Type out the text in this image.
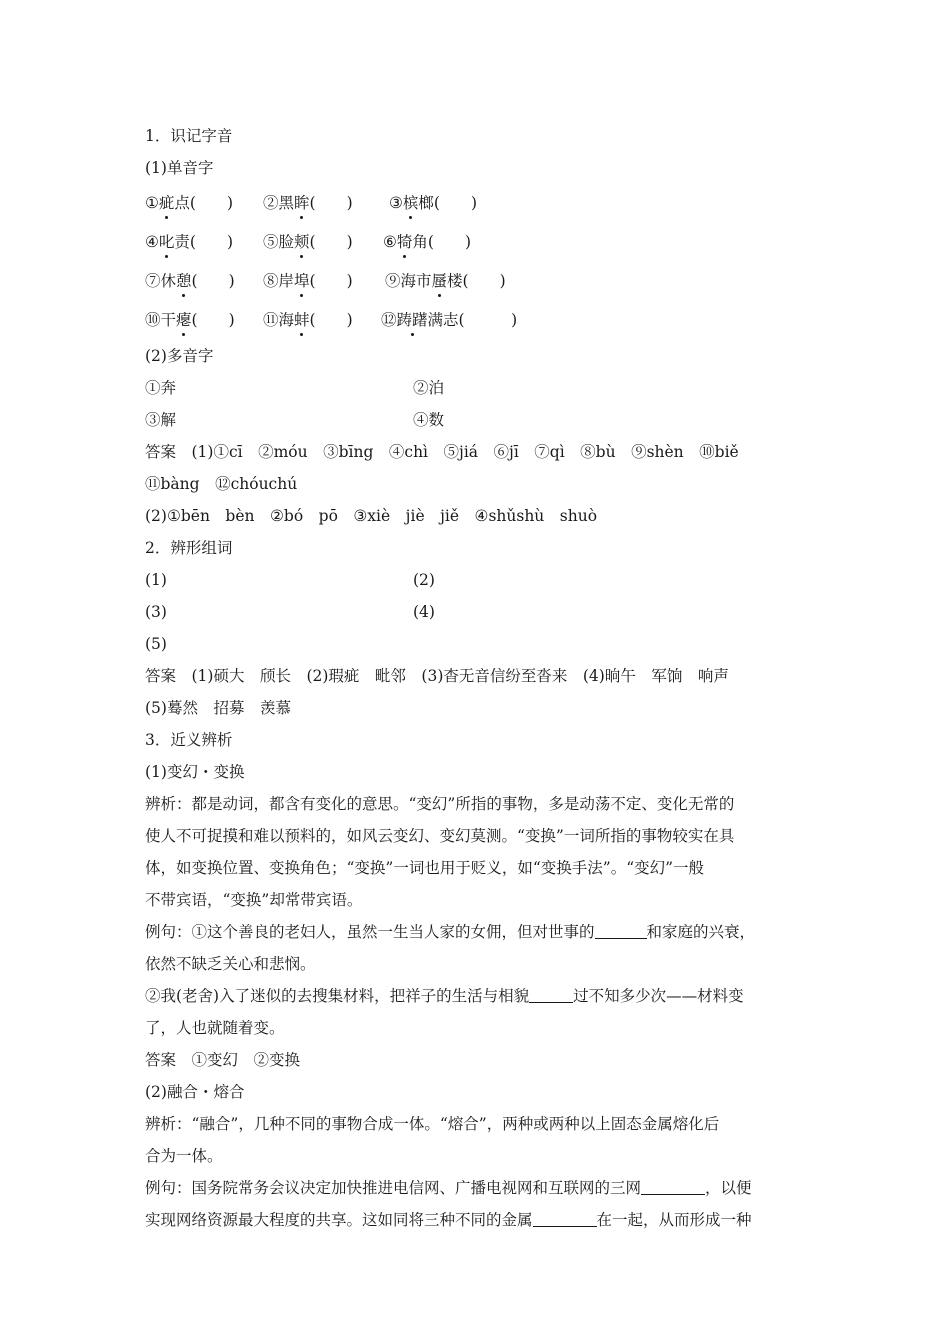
1．识记字音
(1)单音字
①疵点(　　) ②黑眸(　　) ③槟榔(　　)
④叱责(　　) ⑤脸颊(　　) ⑥犄角(　　)
⑦休憩(　　) ⑧岸埠(　　) ⑨海市蜃楼(　　)
⑩干瘪(　　) ⑪海蚌(　　) ⑫踌躇满志(　　　)
(2)多音字
①奔	②泊
③解	④数
答案　(1)①cī　②móu　③bīng　④chì　⑤jiá　⑥jī　⑦qì　⑧bù　⑨shèn　⑩biě
⑪bàng　⑫chóuchú
(2)①bēn　bèn　②bó　pō　③xiè　jiè　jiě　④shǔshù　shuò
2．辨形组词
(1)	(2)
(3)	(4)
(5)
答案　(1)硕大　颀长　(2)瑕疵　毗邻　(3)杳无音信纷至沓来　(4)晌午　军饷　响声
(5)蓦然　招募　羡慕
3．近义辨析
(1)变幻・变换
辨析：都是动词，都含有变化的意思。“变幻”所指的事物，多是动荡不定、变化无常的
使人不可捉摸和难以预料的，如风云变幻、变幻莫测。“变换”一词所指的事物较实在具
体，如变换位置、变换角色；“变换”一词也用于贬义，如“变换手法”。“变幻”一般
不带宾语，“变换”却常带宾语。
例句：①这个善良的老妇人，虽然一生当人家的女佣，但对世事的	和家庭的兴衰，
依然不缺乏关心和悲悯。
②我(老舍)入了迷似的去搜集材料，把祥子的生活与相貌	过不知多少次——材料变
了，人也就随着变。
答案　①变幻　②变换
(2)融合・熔合
辨析：“融合”，几种不同的事物合成一体。“熔合”，两种或两种以上固态金属熔化后
合为一体。
例句：国务院常务会议决定加快推进电信网、广播电视网和互联网的三网	，以便
实现网络资源最大程度的共享。这如同将三种不同的金属	在一起，从而形成一种
